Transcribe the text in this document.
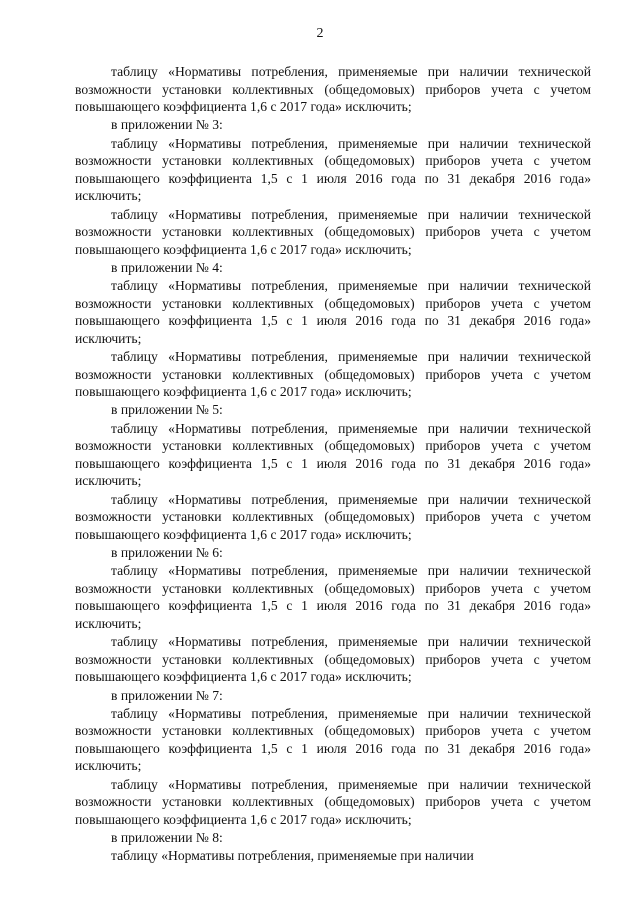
2

таблицу «Нормативы потребления, применяемые при наличии технической возможности установки коллективных (общедомовых) приборов учета с учетом повышающего коэффициента 1,6 с 2017 года» исключить;

в приложении № 3:

таблицу «Нормативы потребления, применяемые при наличии технической возможности установки коллективных (общедомовых) приборов учета с учетом повышающего коэффициента 1,5 с 1 июля 2016 года по 31 декабря 2016 года» исключить;

таблицу «Нормативы потребления, применяемые при наличии технической возможности установки коллективных (общедомовых) приборов учета с учетом повышающего коэффициента 1,6 с 2017 года» исключить;

в приложении № 4:

таблицу «Нормативы потребления, применяемые при наличии технической возможности установки коллективных (общедомовых) приборов учета с учетом повышающего коэффициента 1,5 с 1 июля 2016 года по 31 декабря 2016 года» исключить;

таблицу «Нормативы потребления, применяемые при наличии технической возможности установки коллективных (общедомовых) приборов учета с учетом повышающего коэффициента 1,6 с 2017 года» исключить;

в приложении № 5:

таблицу «Нормативы потребления, применяемые при наличии технической возможности установки коллективных (общедомовых) приборов учета с учетом повышающего коэффициента 1,5 с 1 июля 2016 года по 31 декабря 2016 года» исключить;

таблицу «Нормативы потребления, применяемые при наличии технической возможности установки коллективных (общедомовых) приборов учета с учетом повышающего коэффициента 1,6 с 2017 года» исключить;

в приложении № 6:

таблицу «Нормативы потребления, применяемые при наличии технической возможности установки коллективных (общедомовых) приборов учета с учетом повышающего коэффициента 1,5 с 1 июля 2016 года по 31 декабря 2016 года» исключить;

таблицу «Нормативы потребления, применяемые при наличии технической возможности установки коллективных (общедомовых) приборов учета с учетом повышающего коэффициента 1,6 с 2017 года» исключить;

в приложении № 7:

таблицу «Нормативы потребления, применяемые при наличии технической возможности установки коллективных (общедомовых) приборов учета с учетом повышающего коэффициента 1,5 с 1 июля 2016 года по 31 декабря 2016 года» исключить;

таблицу «Нормативы потребления, применяемые при наличии технической возможности установки коллективных (общедомовых) приборов учета с учетом повышающего коэффициента 1,6 с 2017 года» исключить;

в приложении № 8:

таблицу «Нормативы потребления, применяемые при наличии
